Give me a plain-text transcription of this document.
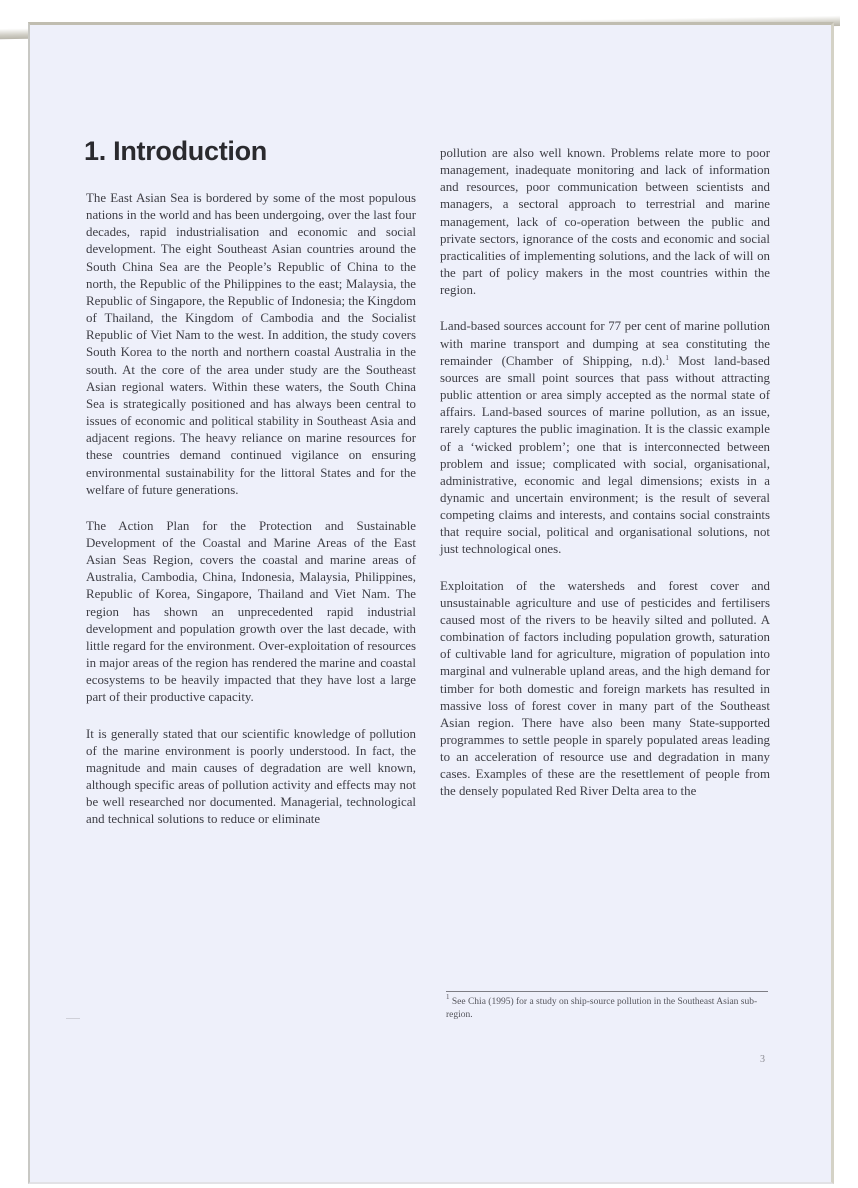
1. Introduction

The East Asian Sea is bordered by some of the most populous nations in the world and has been undergoing, over the last four decades, rapid industrialisation and economic and social development. The eight Southeast Asian countries around the South China Sea are the People’s Republic of China to the north, the Republic of the Philippines to the east; Malaysia, the Republic of Singapore, the Republic of Indonesia; the Kingdom of Thailand, the Kingdom of Cambodia and the Socialist Republic of Viet Nam to the west. In addition, the study covers South Korea to the north and northern coastal Australia in the south. At the core of the area under study are the Southeast Asian regional waters. Within these waters, the South China Sea is strategically positioned and has always been central to issues of economic and political stability in Southeast Asia and adjacent regions. The heavy reliance on marine resources for these countries demand continued vigilance on ensuring environmental sustainability for the littoral States and for the welfare of future generations.

The Action Plan for the Protection and Sustainable Development of the Coastal and Marine Areas of the East Asian Seas Region, covers the coastal and marine areas of Australia, Cambodia, China, Indonesia, Malaysia, Philippines, Republic of Korea, Singapore, Thailand and Viet Nam. The region has shown an unprecedented rapid industrial development and population growth over the last decade, with little regard for the environment. Over-exploitation of resources in major areas of the region has rendered the marine and coastal ecosystems to be heavily impacted that they have lost a large part of their productive capacity.

It is generally stated that our scientific knowledge of pollution of the marine environment is poorly understood. In fact, the magnitude and main causes of degradation are well known, although specific areas of pollution activity and effects may not be well researched nor documented. Managerial, technological and technical solutions to reduce or eliminate

pollution are also well known. Problems relate more to poor management, inadequate monitoring and lack of information and resources, poor communication between scientists and managers, a sectoral approach to terrestrial and marine management, lack of co-operation between the public and private sectors, ignorance of the costs and economic and social practicalities of implementing solutions, and the lack of will on the part of policy makers in the most countries within the region.

Land-based sources account for 77 per cent of marine pollution with marine transport and dumping at sea constituting the remainder (Chamber of Shipping, n.d).$^1$ Most land-based sources are small point sources that pass without attracting public attention or area simply accepted as the normal state of affairs. Land-based sources of marine pollution, as an issue, rarely captures the public imagination. It is the classic example of a ‘wicked problem’; one that is interconnected between problem and issue; complicated with social, organisational, administrative, economic and legal dimensions; exists in a dynamic and uncertain environment; is the result of several competing claims and interests, and contains social constraints that require social, political and organisational solutions, not just technological ones.

Exploitation of the watersheds and forest cover and unsustainable agriculture and use of pesticides and fertilisers caused most of the rivers to be heavily silted and polluted. A combination of factors including population growth, saturation of cultivable land for agriculture, migration of population into marginal and vulnerable upland areas, and the high demand for timber for both domestic and foreign markets has resulted in massive loss of forest cover in many part of the Southeast Asian region. There have also been many State-supported programmes to settle people in sparely populated areas leading to an acceleration of resource use and degradation in many cases. Examples of these are the resettlement of people from the densely populated Red River Delta area to the

$^1$ See Chia (1995) for a study on ship-source pollution in the Southeast Asian sub-region.
3
